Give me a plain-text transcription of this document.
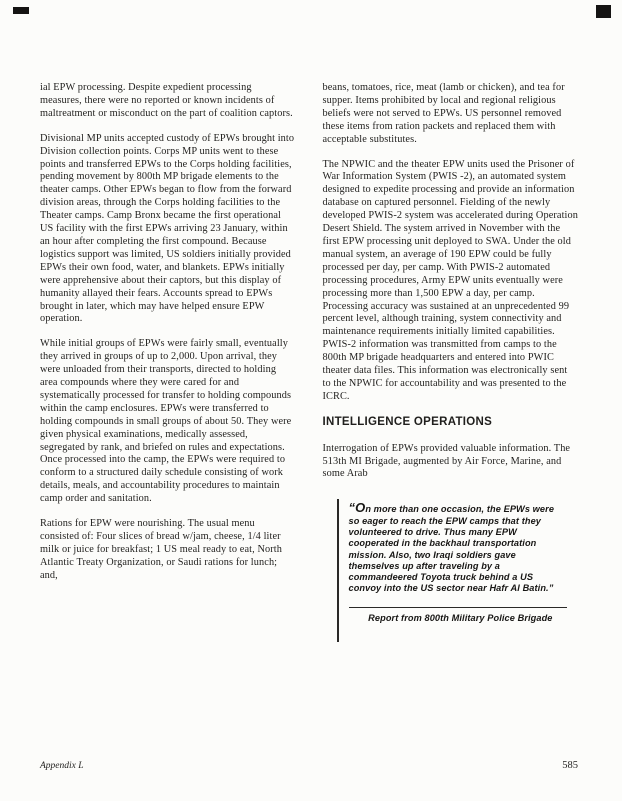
ial EPW processing. Despite expedient processing measures, there were no reported or known incidents of maltreatment or misconduct on the part of coalition captors.

Divisional MP units accepted custody of EPWs brought into Division collection points. Corps MP units went to these points and transferred EPWs to the Corps holding facilities, pending movement by 800th MP brigade elements to the theater camps. Other EPWs began to flow from the forward division areas, through the Corps holding facilities to the Theater camps. Camp Bronx became the first operational US facility with the first EPWs arriving 23 January, within an hour after completing the first compound. Because logistics support was limited, US soldiers initially provided EPWs their own food, water, and blankets. EPWs initially were apprehensive about their captors, but this display of humanity allayed their fears. Accounts spread to EPWs brought in later, which may have helped ensure EPW operation.

While initial groups of EPWs were fairly small, eventually they arrived in groups of up to 2,000. Upon arrival, they were unloaded from their transports, directed to holding area compounds where they were cared for and systematically processed for transfer to holding compounds within the camp enclosures. EPWs were transferred to holding compounds in small groups of about 50. They were given physical examinations, medically assessed, segregated by rank, and briefed on rules and expectations. Once processed into the camp, the EPWs were required to conform to a structured daily schedule consisting of work details, meals, and accountability procedures to maintain camp order and sanitation.

Rations for EPW were nourishing. The usual menu consisted of: Four slices of bread w/jam, cheese, 1/4 liter milk or juice for breakfast; 1 US meal ready to eat, North Atlantic Treaty Organization, or Saudi rations for lunch; and,

beans, tomatoes, rice, meat (lamb or chicken), and tea for supper. Items prohibited by local and regional religious beliefs were not served to EPWs. US personnel removed these items from ration packets and replaced them with acceptable substitutes.

The NPWIC and the theater EPW units used the Prisoner of War Information System (PWIS -2), an automated system designed to expedite processing and provide an information database on captured personnel. Fielding of the newly developed PWIS-2 system was accelerated during Operation Desert Shield. The system arrived in November with the first EPW processing unit deployed to SWA. Under the old manual system, an average of 190 EPW could be fully processed per day, per camp. With PWIS-2 automated processing procedures, Army EPW units eventually were processing more than 1,500 EPW a day, per camp. Processing accuracy was sustained at an unprecedented 99 percent level, although training, system connectivity and maintenance requirements initially limited capabilities. PWIS-2 information was transmitted from camps to the 800th MP brigade headquarters and entered into PWIC theater data files. This information was electronically sent to the NPWIC for accountability and was presented to the ICRC.

INTELLIGENCE OPERATIONS

Interrogation of EPWs provided valuable information. The 513th MI Brigade, augmented by Air Force, Marine, and some Arab

“On more than one occasion, the EPWs were so eager to reach the EPW camps that they volunteered to drive. Thus many EPW cooperated in the backhaul transportation mission. Also, two Iraqi soldiers gave themselves up after traveling by a commandeered Toyota truck behind a US convoy into the US sector near Hafr Al Batin.”

Report from 800th Military Police Brigade

Appendix L	585
